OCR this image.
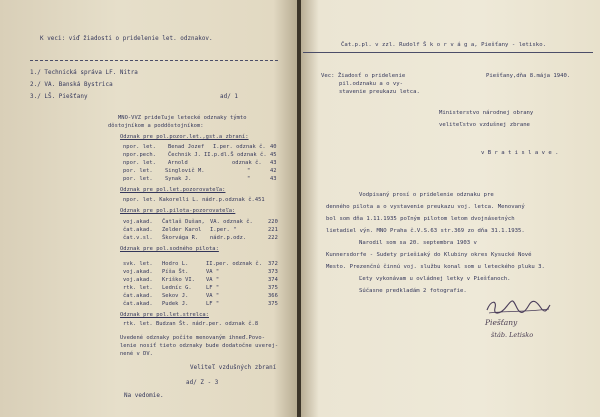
K veci: viď žiadosti o pridelenie let. odznakov.
1./ Technická správa LF. Nitra
2./ VA. Banská Bystrica
3./ LŠ. Piešťany	ad/ 1
MNO-VVZ prideľuje letecké odznaky týmto
dôstojníkom a poddôstojníkom:
Odznak pre pol.pozor.let.,gst.a zbraní:
npor. let. Benad Jozef I.per. odznak č. 40
npor.pech. Čechnik J. II.p.dl.Š odznak č. 45
npor. let. Arnold	odznak č. 43
por. let. Singlovič M.	"	42
por. let. Synak J.	"	43
Odznak pre pol.let.pozorovateľa:
npor. let. Kakorelli L. nádr.p.odznak č.451
Odznak pre pol.pilota-pozorovateľa:
voj.akad. Čatlaš Dušan, VA. odznak č.	220
čat.akad. Zelder Karol I.per. "	221
čat.v.sl. Škorvága R. nádr.p.odz.	222
Odznak pre pol.sodného pilota:
svk. let. Hodro L.	II.per. odznak č. 372
voj.akad. Píša Št.	VA "	373
voj.akad. Kriško VI. VA "	374
rtk. let. Ledníc G.	LF "	375
čat.akad. Sekov J.	VA "	366
čat.akad. Pudek J.	LF "	375
Odznak pre pol.let.strelca:
rtk. let. Budzan Št. nádr.per. odznak č.8
Uvedené odznaky počíte menovaným ihneď.Povo-
lenie nosiť tieto odznaky bude dodatočne uverej-
nené v DV.
Veliteľ vzdušných zbraní
ad/ Z - 3
Na vedomie.
Čat.p.pl. v zzl. Rudolf Š k o r v á g a, Piešťany - letisko.
Vec: Žiadosť o pridelenie
pil.odznaku a o vy-
stavenie preukazu letca.
Piešťany,dňa 8.mája 1940.
Ministerstvo národnej obrany
veliteľstvo vzdušnej zbrane
v B r a t i s l a v e .
Vodpisaný prosí o pridelenie odznaku pre
denného pilota a o vystavenie preukazu voj. letca. Menovaný
bol som dňa 1.11.1935 poľným pilotom letom dvojnásetných
lietadiel výn. MNO Praha č.V.S.63 str.369 zo dňa 31.1.1935.
Narodil som sa 20. septembra 1903 v
Kunnersdorfe - Sudety priešiaký do Klubiny okres Kysucké Nové
Mesto. Prezenčnú činnú voj. službu konal som u leteckého pluku 3.
Ľety vykonávam u ovládnej letky v Piešťanoch.
Súčasne predkladám 2 fotografie.
Piešťany
štáb. Letisko
